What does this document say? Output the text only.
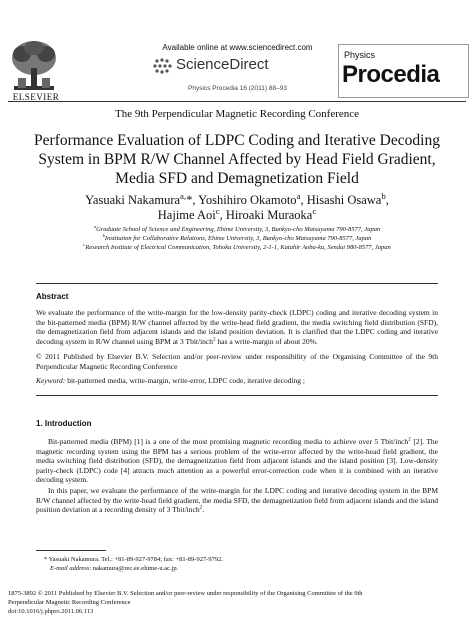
ELSEVIER
Available online at www.sciencedirect.com
ScienceDirect
Physics Procedia 16 (2011) 88–93
Physics
Procedia
The 9th Perpendicular Magnetic Recording Conference
Performance Evaluation of LDPC Coding and Iterative Decoding
System in BPM R/W Channel Affected by Head Field Gradient,
Media SFD and Demagnetization Field
Yasuaki Nakamura$^{a,}$*, Yoshihiro Okamoto$^a$, Hisashi Osawa$^b$,
Hajime Aoi$^c$, Hiroaki Muraoka$^c$
$^a$Graduate School of Science and Engineering, Ehime University, 3, Bunkyo-cho Matsuyama 790-8577, Japan
$^b$Institution for Collaborative Relations, Ehime University, 3, Bunkyo-cho Matsuyama 790-8577, Japan
$^c$Research Institute of Electrical Communication, Tohoku University, 2-1-1, Katahir Aoba-ku, Sendai 980-8577, Japan
Abstract
We evaluate the performance of the write-margin for the low-density parity-check (LDPC) coding and iterative decoding system in the bit-patterned media (BPM) R/W channel affected by the write-head field gradient, the media switching field distribution (SFD), the demagnetization field from adjacent islands and the island position deviation. It is clarified that the LDPC coding and iterative decoding system in R/W channel using BPM at 3 Tbit/inch$^2$ has a write-margin of about 20%.
© 2011 Published by Elsevier B.V. Selection and/or peer-review under responsibility of the Organising Committee of the 9th Perpendicular Magnetic Recording Conference
Keyword: bit-patterned media, write-margin, write-error, LDPC code, iterative decoding ;
1. Introduction
Bit-patterned media (BPM) [1] is a one of the most promising magnetic recording media to achieve over 5 Tbit/inch$^2$ [2]. The magnetic recording system using the BPM has a serious problem of the write-error affected by the write-head field gradient, the media switching field distribution (SFD), the demagnetization field from adjacent islands and the island position [3]. Low-density parity-check (LDPC) code [4] attracts much attention as a powerful error-correction code when it is combined with an iterative decoding system.
In this paper, we evaluate the performance of the write-margin for the LDPC coding and iterative decoding system in the BPM R/W channel affected by the write-head field gradient, the media SFD, the demagnetization field from adjacent islands and the island position deviation at a recording density of 3 Tbit/inch$^2$.
* Yasuaki Nakamura. Tel.: +81-89-927-9784; fax: +81-89-927-9792.
E-mail address: nakamura@rec.ee.ehime-u.ac.jp.
1875-3892 © 2011 Published by Elsevier B.V. Selection and/or peer-review under responsibility of the Organising Committee of the 9th
Perpendicular Magnetic Recording Conference
doi:10.1016/j.phpro.2011.06.113
